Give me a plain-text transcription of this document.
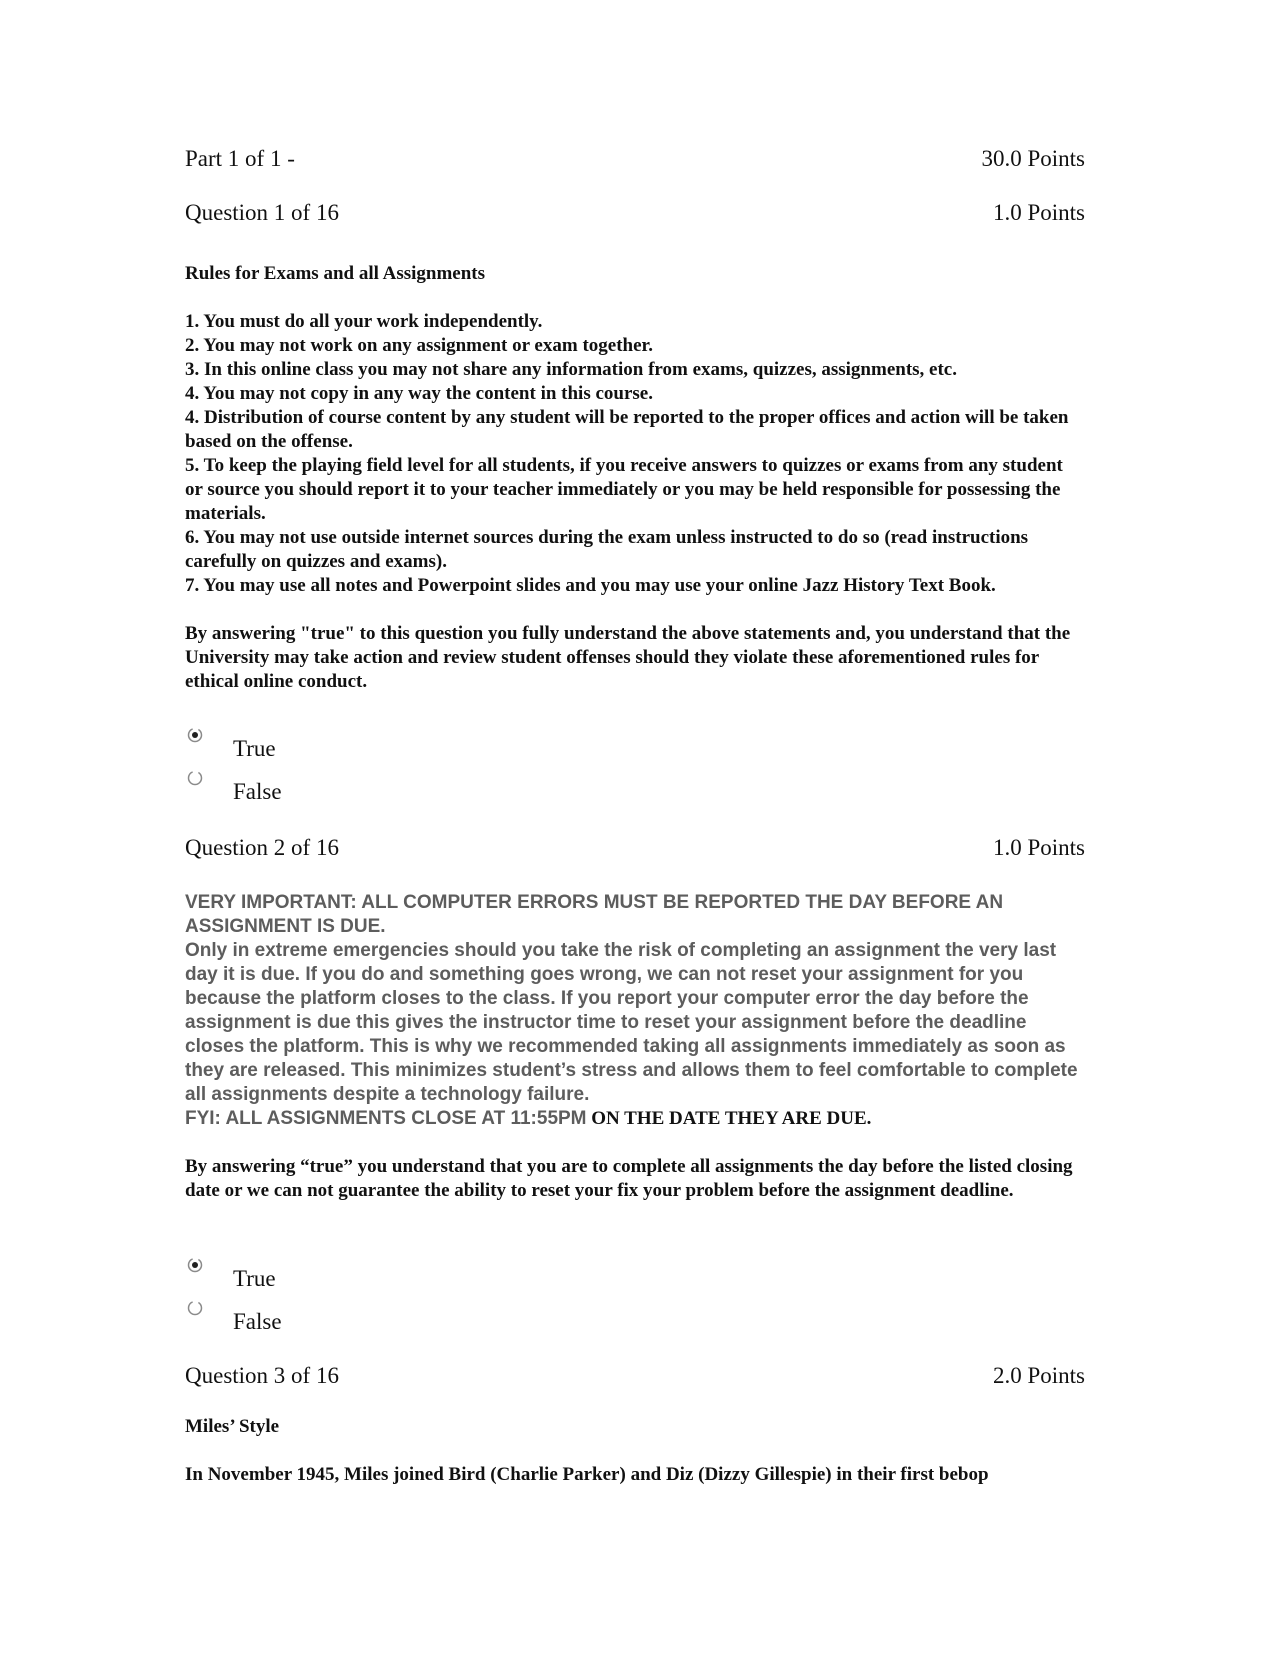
Part 1 of 1 -	30.0 Points
Question 1 of 16	1.0 Points
Rules for Exams and all Assignments

1. You must do all your work independently.

2. You may not work on any assignment or exam together.

3. In this online class you may not share any information from exams, quizzes, assignments, etc.

4. You may not copy in any way the content in this course.

4. Distribution of course content by any student will be reported to the proper offices and action will be taken based on the offense.

5. To keep the playing field level for all students, if you receive answers to quizzes or exams from any student or source you should report it to your teacher immediately or you may be held responsible for possessing the materials.

6. You may not use outside internet sources during the exam unless instructed to do so (read instructions carefully on quizzes and exams).

7. You may use all notes and Powerpoint slides and you may use your online Jazz History Text Book.

By answering "true" to this question you fully understand the above statements and, you understand that the University may take action and review student offenses should they violate these aforementioned rules for ethical online conduct.
True
False
Question 2 of 16	1.0 Points

VERY IMPORTANT: ALL COMPUTER ERRORS MUST BE REPORTED THE DAY BEFORE AN ASSIGNMENT IS DUE.

Only in extreme emergencies should you take the risk of completing an assignment the very last day it is due. If you do and something goes wrong, we can not reset your assignment for you because the platform closes to the class. If you report your computer error the day before the assignment is due this gives the instructor time to reset your assignment before the deadline closes the platform. This is why we recommended taking all assignments immediately as soon as they are released. This minimizes student’s stress and allows them to feel comfortable to complete all assignments despite a technology failure.

FYI: ALL ASSIGNMENTS CLOSE AT 11:55PM ON THE DATE THEY ARE DUE.

By answering “true” you understand that you are to complete all assignments the day before the listed closing date or we can not guarantee the ability to reset your fix your problem before the assignment deadline.
True
False
Question 3 of 16	2.0 Points
Miles’ Style
In November 1945, Miles joined Bird (Charlie Parker) and Diz (Dizzy Gillespie) in their first bebop
